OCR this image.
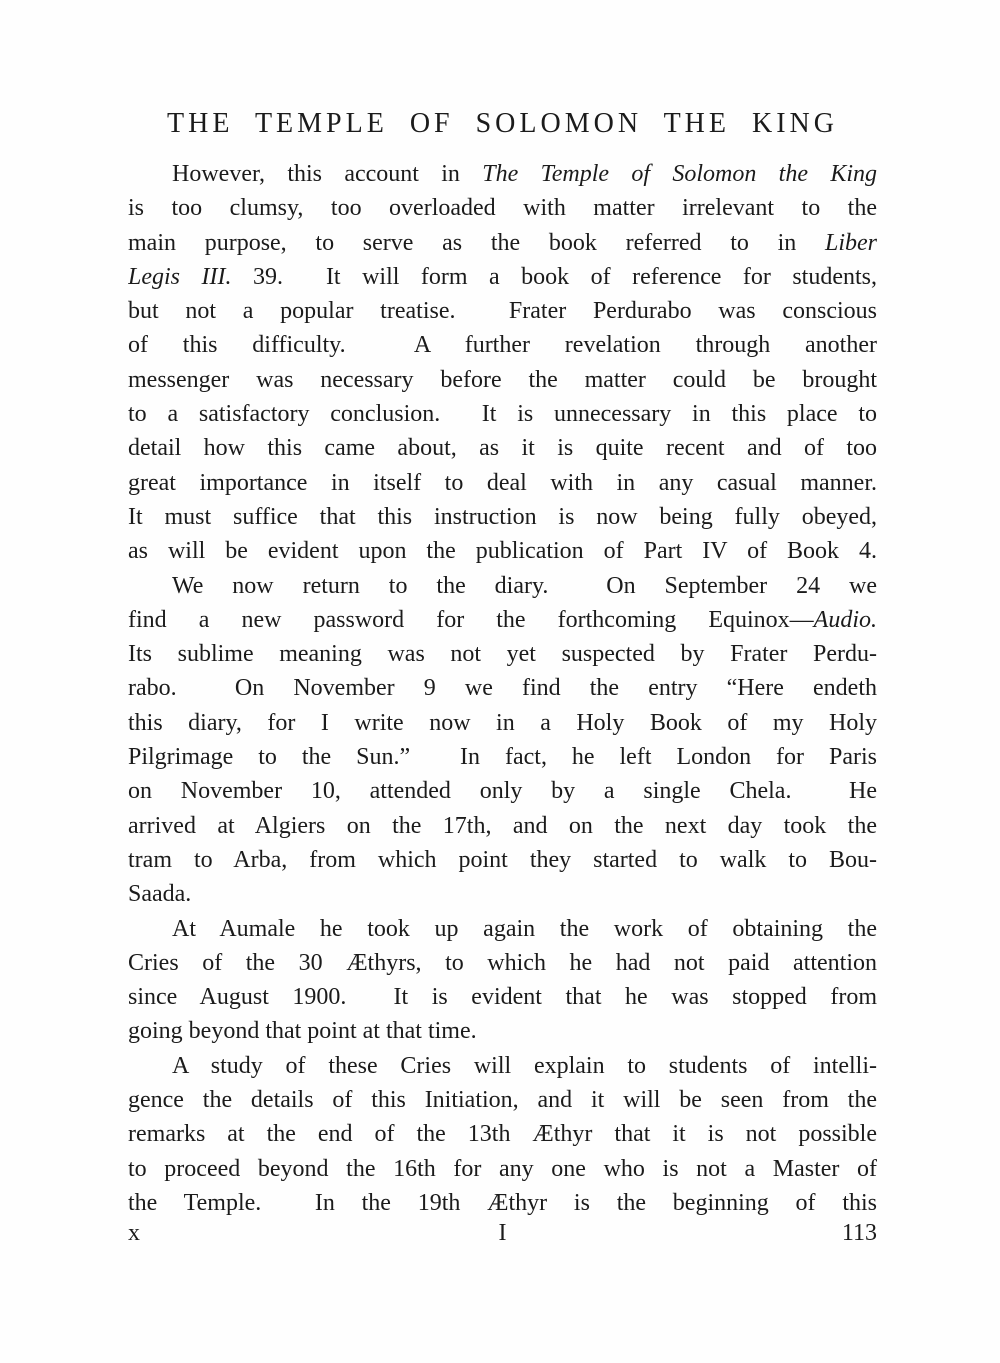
THE TEMPLE OF SOLOMON THE KING
However, this account in The Temple of Solomon the King
is too clumsy, too overloaded with matter irrelevant to the
main purpose, to serve as the book referred to in Liber
Legis III. 39.  It will form a book of reference for students,
but not a popular treatise.  Frater Perdurabo was conscious
of this difficulty.  A further revelation through another
messenger was necessary before the matter could be brought
to a satisfactory conclusion.  It is unnecessary in this place to
detail how this came about, as it is quite recent and of too
great importance in itself to deal with in any casual manner.
It must suffice that this instruction is now being fully obeyed,
as will be evident upon the publication of Part IV of Book 4.
We now return to the diary.  On September 24 we
find a new password for the forthcoming Equinox—Audio.
Its sublime meaning was not yet suspected by Frater Perdu-
rabo.  On November 9 we find the entry “Here endeth
this diary, for I write now in a Holy Book of my Holy
Pilgrimage to the Sun.”  In fact, he left London for Paris
on November 10, attended only by a single Chela.  He
arrived at Algiers on the 17th, and on the next day took the
tram to Arba, from which point they started to walk to Bou-
Saada.
At Aumale he took up again the work of obtaining the
Cries of the 30 Æthyrs, to which he had not paid attention
since August 1900.  It is evident that he was stopped from
going beyond that point at that time.
A study of these Cries will explain to students of intelli-
gence the details of this Initiation, and it will be seen from the
remarks at the end of the 13th Æthyr that it is not possible
to proceed beyond the 16th for any one who is not a Master of
the Temple.  In the 19th Æthyr is the beginning of this
x	I	113
